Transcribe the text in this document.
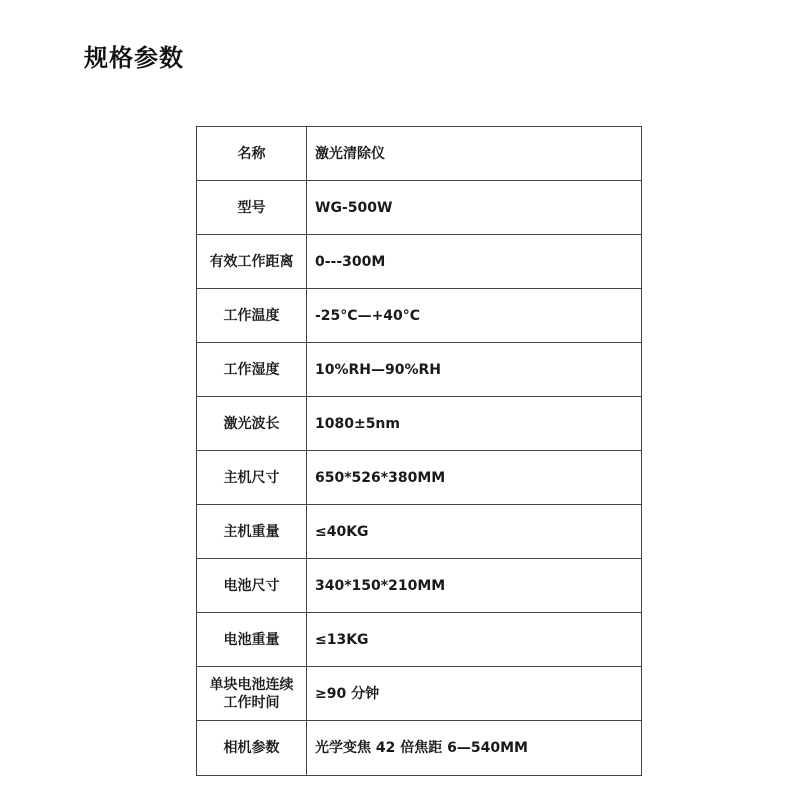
规格参数
名称	激光清除仪
型号	WG-500W
有效工作距离	0---300M
工作温度	-25°C—+40°C
工作湿度	10%RH—90%RH
激光波长	1080±5nm
主机尺寸	650*526*380MM
主机重量	≤40KG
电池尺寸	340*150*210MM
电池重量	≤13KG

单块电池连续
工作时间	≥90 分钟
相机参数	光学变焦 42 倍焦距 6—540MM
